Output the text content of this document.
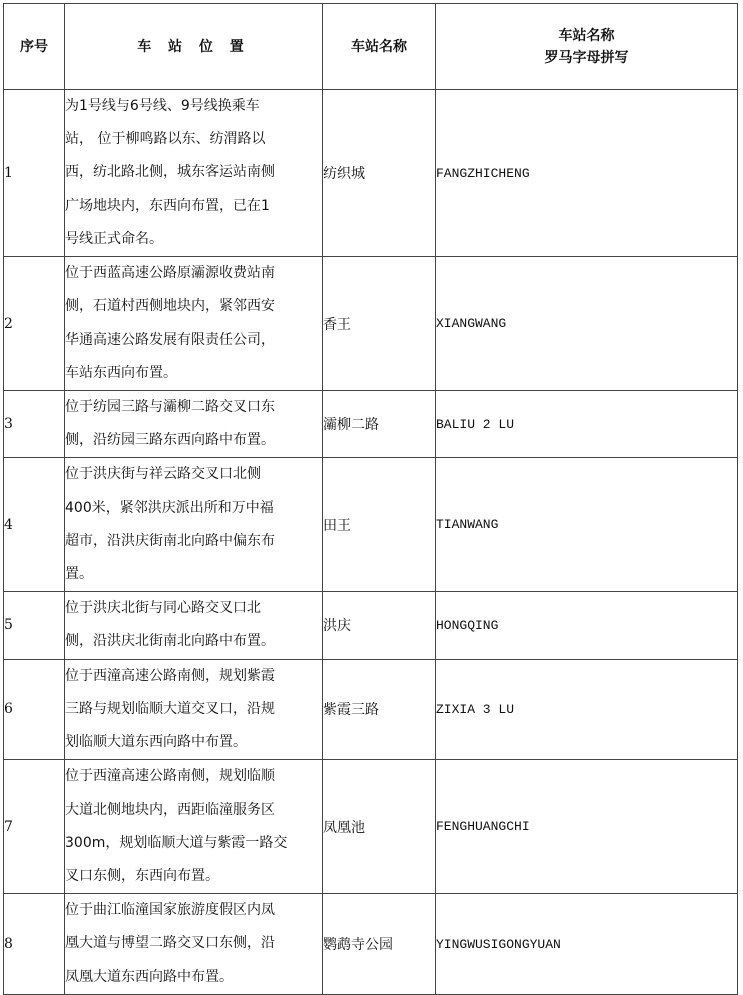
序号	车 站 位 置	车站名称	车站名称
罗马字母拼写

1	为1号线与6号线、9号线换乘车
站， 位于柳鸣路以东、纺渭路以
西，纺北路北侧，城东客运站南侧
广场地块内，东西向布置，已在1
号线正式命名。	纺织城	FANGZHICHENG
2	位于西蓝高速公路原灞源收费站南
侧，石道村西侧地块内，紧邻西安
华通高速公路发展有限责任公司，
车站东西向布置。	香王	XIANGWANG
3	位于纺园三路与灞柳二路交叉口东
侧，沿纺园三路东西向路中布置。	灞柳二路	BALIU 2 LU
4	位于洪庆街与祥云路交叉口北侧
400米，紧邻洪庆派出所和万中福
超市，沿洪庆街南北向路中偏东布
置。	田王	TIANWANG
5	位于洪庆北街与同心路交叉口北
侧，沿洪庆北街南北向路中布置。	洪庆	HONGQING
6	位于西潼高速公路南侧，规划紫霞
三路与规划临顺大道交叉口，沿规
划临顺大道东西向路中布置。	紫霞三路	ZIXIA 3 LU
7	位于西潼高速公路南侧，规划临顺
大道北侧地块内，西距临潼服务区
300m，规划临顺大道与紫霞一路交
叉口东侧，东西向布置。	凤凰池	FENGHUANGCHI
8	位于曲江临潼国家旅游度假区内凤
凰大道与博望二路交叉口东侧，沿
凤凰大道东西向路中布置。	鹦鹉寺公园	YINGWUSIGONGYUAN
